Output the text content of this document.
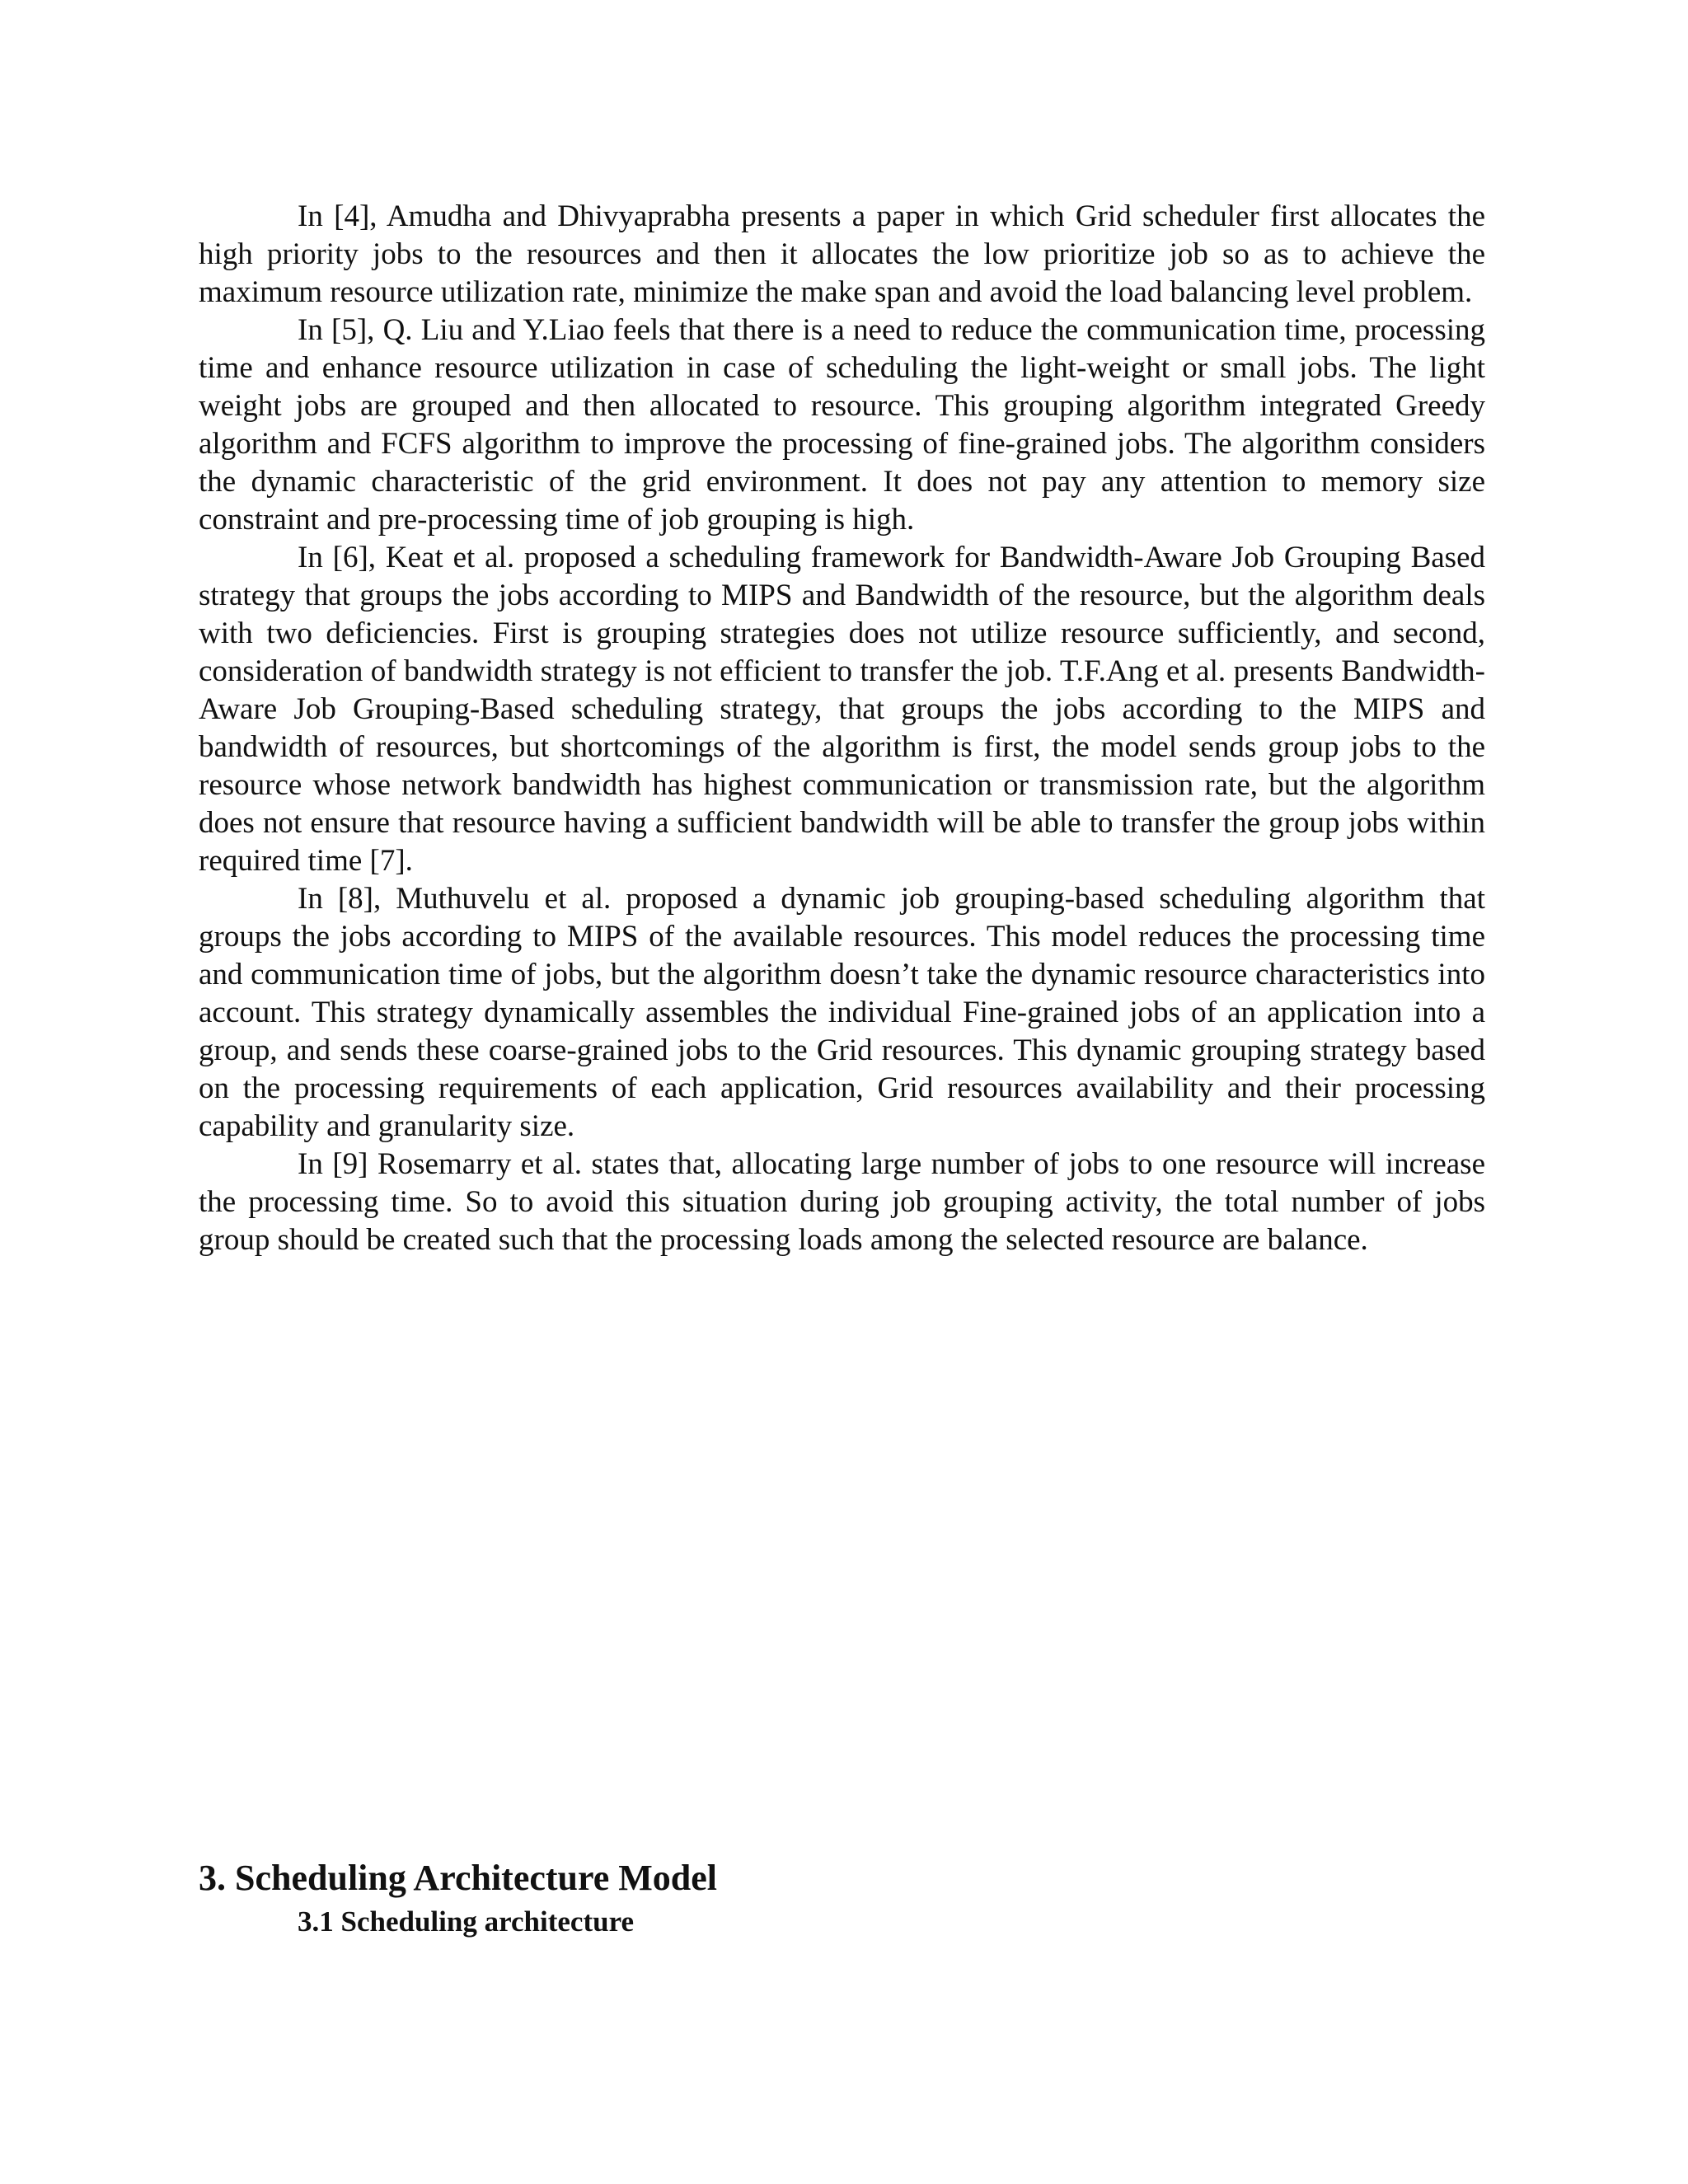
In [4], Amudha and Dhivyaprabha presents a paper in which Grid scheduler first allocates the high priority jobs to the resources and then it allocates the low prioritize job so as to achieve the maximum resource utilization rate, minimize the make span and avoid the load balancing level problem.

In [5], Q. Liu and Y.Liao feels that there is a need to reduce the communication time, processing time and enhance resource utilization in case of scheduling the light-weight or small jobs. The light weight jobs are grouped and then allocated to resource. This grouping algorithm integrated Greedy algorithm and FCFS algorithm to improve the processing of fine-grained jobs. The algorithm considers the dynamic characteristic of the grid environment. It does not pay any attention to memory size constraint and pre-processing time of job grouping is high.

In [6], Keat et al. proposed a scheduling framework for Bandwidth-Aware Job Grouping Based strategy that groups the jobs according to MIPS and Bandwidth of the resource, but the algorithm deals with two deficiencies. First is grouping strategies does not utilize resource sufficiently, and second, consideration of bandwidth strategy is not efficient to transfer the job. T.F.Ang et al. presents Bandwidth-Aware Job Grouping-Based scheduling strategy, that groups the jobs according to the MIPS and bandwidth of resources, but shortcomings of the algorithm is first, the model sends group jobs to the resource whose network bandwidth has highest communication or transmission rate, but the algorithm does not ensure that resource having a sufficient bandwidth will be able to transfer the group jobs within required time [7].

In [8], Muthuvelu et al. proposed a dynamic job grouping-based scheduling algorithm that groups the jobs according to MIPS of the available resources. This model reduces the processing time and communication time of jobs, but the algorithm doesn’t take the dynamic resource characteristics into account. This strategy dynamically assembles the individual Fine-grained jobs of an application into a group, and sends these coarse-grained jobs to the Grid resources. This dynamic grouping strategy based on the processing requirements of each application, Grid resources availability and their processing capability and granularity size.

In [9] Rosemarry et al. states that, allocating large number of jobs to one resource will increase the processing time. So to avoid this situation during job grouping activity, the total number of jobs group should be created such that the processing loads among the selected resource are balance.

3. Scheduling Architecture Model
3.1 Scheduling architecture
